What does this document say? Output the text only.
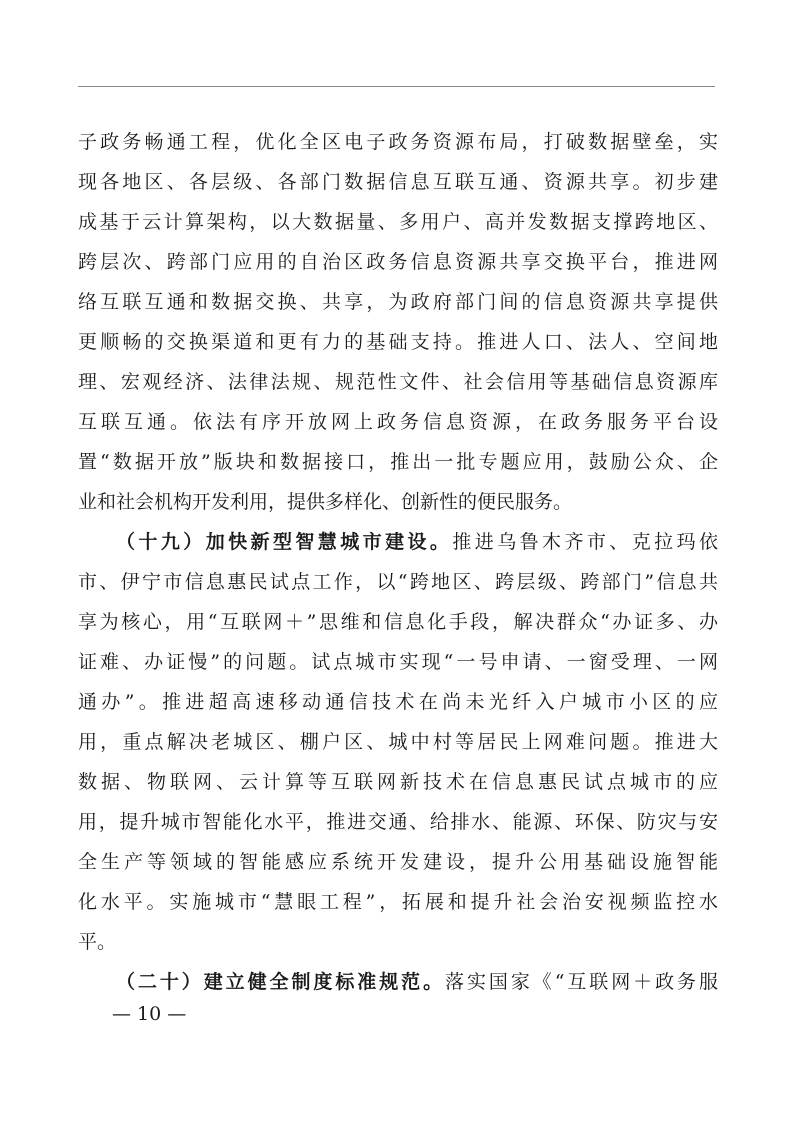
子政务畅通工程，优化全区电子政务资源布局，打破数据壁垒，实
现各地区、各层级、各部门数据信息互联互通、资源共享。初步建
成基于云计算架构，以大数据量、多用户、高并发数据支撑跨地区、
跨层次、跨部门应用的自治区政务信息资源共享交换平台，推进网
络互联互通和数据交换、共享，为政府部门间的信息资源共享提供
更顺畅的交换渠道和更有力的基础支持。推进人口、法人、空间地
理、宏观经济、法律法规、规范性文件、社会信用等基础信息资源库
互联互通。依法有序开放网上政务信息资源，在政务服务平台设
置“数据开放”版块和数据接口，推出一批专题应用，鼓励公众、企
业和社会机构开发利用，提供多样化、创新性的便民服务。
（十九）加快新型智慧城市建设。推进乌鲁木齐市、克拉玛依
市、伊宁市信息惠民试点工作，以“跨地区、跨层级、跨部门”信息共
享为核心，用“互联网＋”思维和信息化手段，解决群众“办证多、办
证难、办证慢”的问题。试点城市实现“一号申请、一窗受理、一网
通办”。推进超高速移动通信技术在尚未光纤入户城市小区的应
用，重点解决老城区、棚户区、城中村等居民上网难问题。推进大
数据、物联网、云计算等互联网新技术在信息惠民试点城市的应
用，提升城市智能化水平，推进交通、给排水、能源、环保、防灾与安
全生产等领域的智能感应系统开发建设，提升公用基础设施智能
化水平。实施城市“慧眼工程”，拓展和提升社会治安视频监控水
平。
（二十）建立健全制度标准规范。落实国家《“互联网＋政务服
— 10 —
